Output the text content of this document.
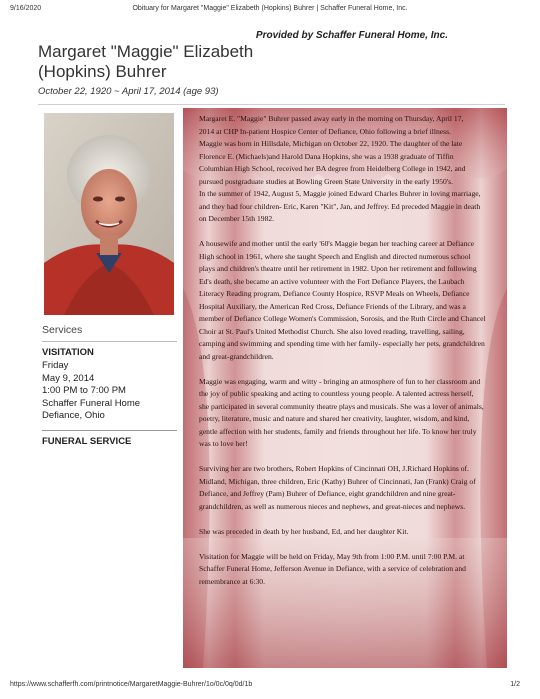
9/16/2020	Obituary for Margaret "Maggie" Elizabeth (Hopkins) Buhrer | Schaffer Funeral Home, Inc.
Provided by Schaffer Funeral Home, Inc.
Margaret "Maggie" Elizabeth
(Hopkins) Buhrer
October 22, 1920 ~ April 17, 2014 (age 93)
Services
VISITATION
Friday
May 9, 2014
1:00 PM to 7:00 PM
Schaffer Funeral Home
Defiance, Ohio
FUNERAL SERVICE

Margaret E. "Maggie" Buhrer passed away early in the morning on Thursday, April 17,
2014 at CHP In-patient Hospice Center of Defiance, Ohio following a brief illness.
Maggie was born in Hillsdale, Michigan on October 22, 1920. The daughter of the late
Florence E. (Michaels)and Harold Dana Hopkins, she was a 1938 graduate of Tiffin
Columbian High School, received her BA degree from Heidelberg College in 1942, and
pursued postgraduate studies at Bowling Green State University in the early 1950's.
In the summer of 1942, August 5, Maggie joined Edward Charles Buhrer in loving marriage,
and they had four children- Eric, Karen "Kit", Jan, and Jeffrey. Ed preceded Maggie in death
on December 15th 1982.

A housewife and mother until the early '60's Maggie began her teaching career at Defiance
High school in 1961, where she taught Speech and English and directed numerous school
plays and children's theatre until her retirement in 1982. Upon her retirement and following
Ed's death, she became an active volunteer with the Fort Defiance Players, the Laubach
Literacy Reading program, Defiance County Hospice, RSVP Meals on Wheels, Defiance
Hospital Auxiliary, the American Red Cross, Defiance Friends of the Library, and was a
member of Defiance College Women's Commission, Sorosis, and the Ruth Circle and Chancel
Choir at St. Paul's United Methodist Church. She also loved reading, travelling, sailing,
camping and swimming and spending time with her family- especially her pets, grandchildren
and great-grandchildren.

Maggie was engaging, warm and witty - bringing an atmosphere of fun to her classroom and
the joy of public speaking and acting to countless young people. A talented actress herself,
she participated in several community theatre plays and musicals. She was a lover of animals,
poetry, literature, music and nature and shared her creativity, laughter, wisdom, and kind,
gentle affection with her students, family and friends throughout her life. To know her truly
was to love her!

Surviving her are two brothers, Robert Hopkins of Cincinnati OH, J.Richard Hopkins of.
Midland, Michigan, three children, Eric (Kathy) Buhrer of Cincinnati, Jan (Frank) Craig of
Defiance, and Jeffrey (Pam) Buhrer of Defiance, eight grandchildren and nine great-
grandchildren, as well as numerous nieces and nephews, and great-nieces and nephews.

She was preceded in death by her husband, Ed, and her daughter Kit.

Visitation for Maggie will be held on Friday, May 9th from 1:00 P.M. until 7:00 P.M. at
Schaffer Funeral Home, Jefferson Avenue in Defiance, with a service of celebration and
remembrance at 6:30.

https://www.schafferfh.com/printnotice/MargaretMaggie-Buhrer/1o/0c/0q/0d/1b	1/2
